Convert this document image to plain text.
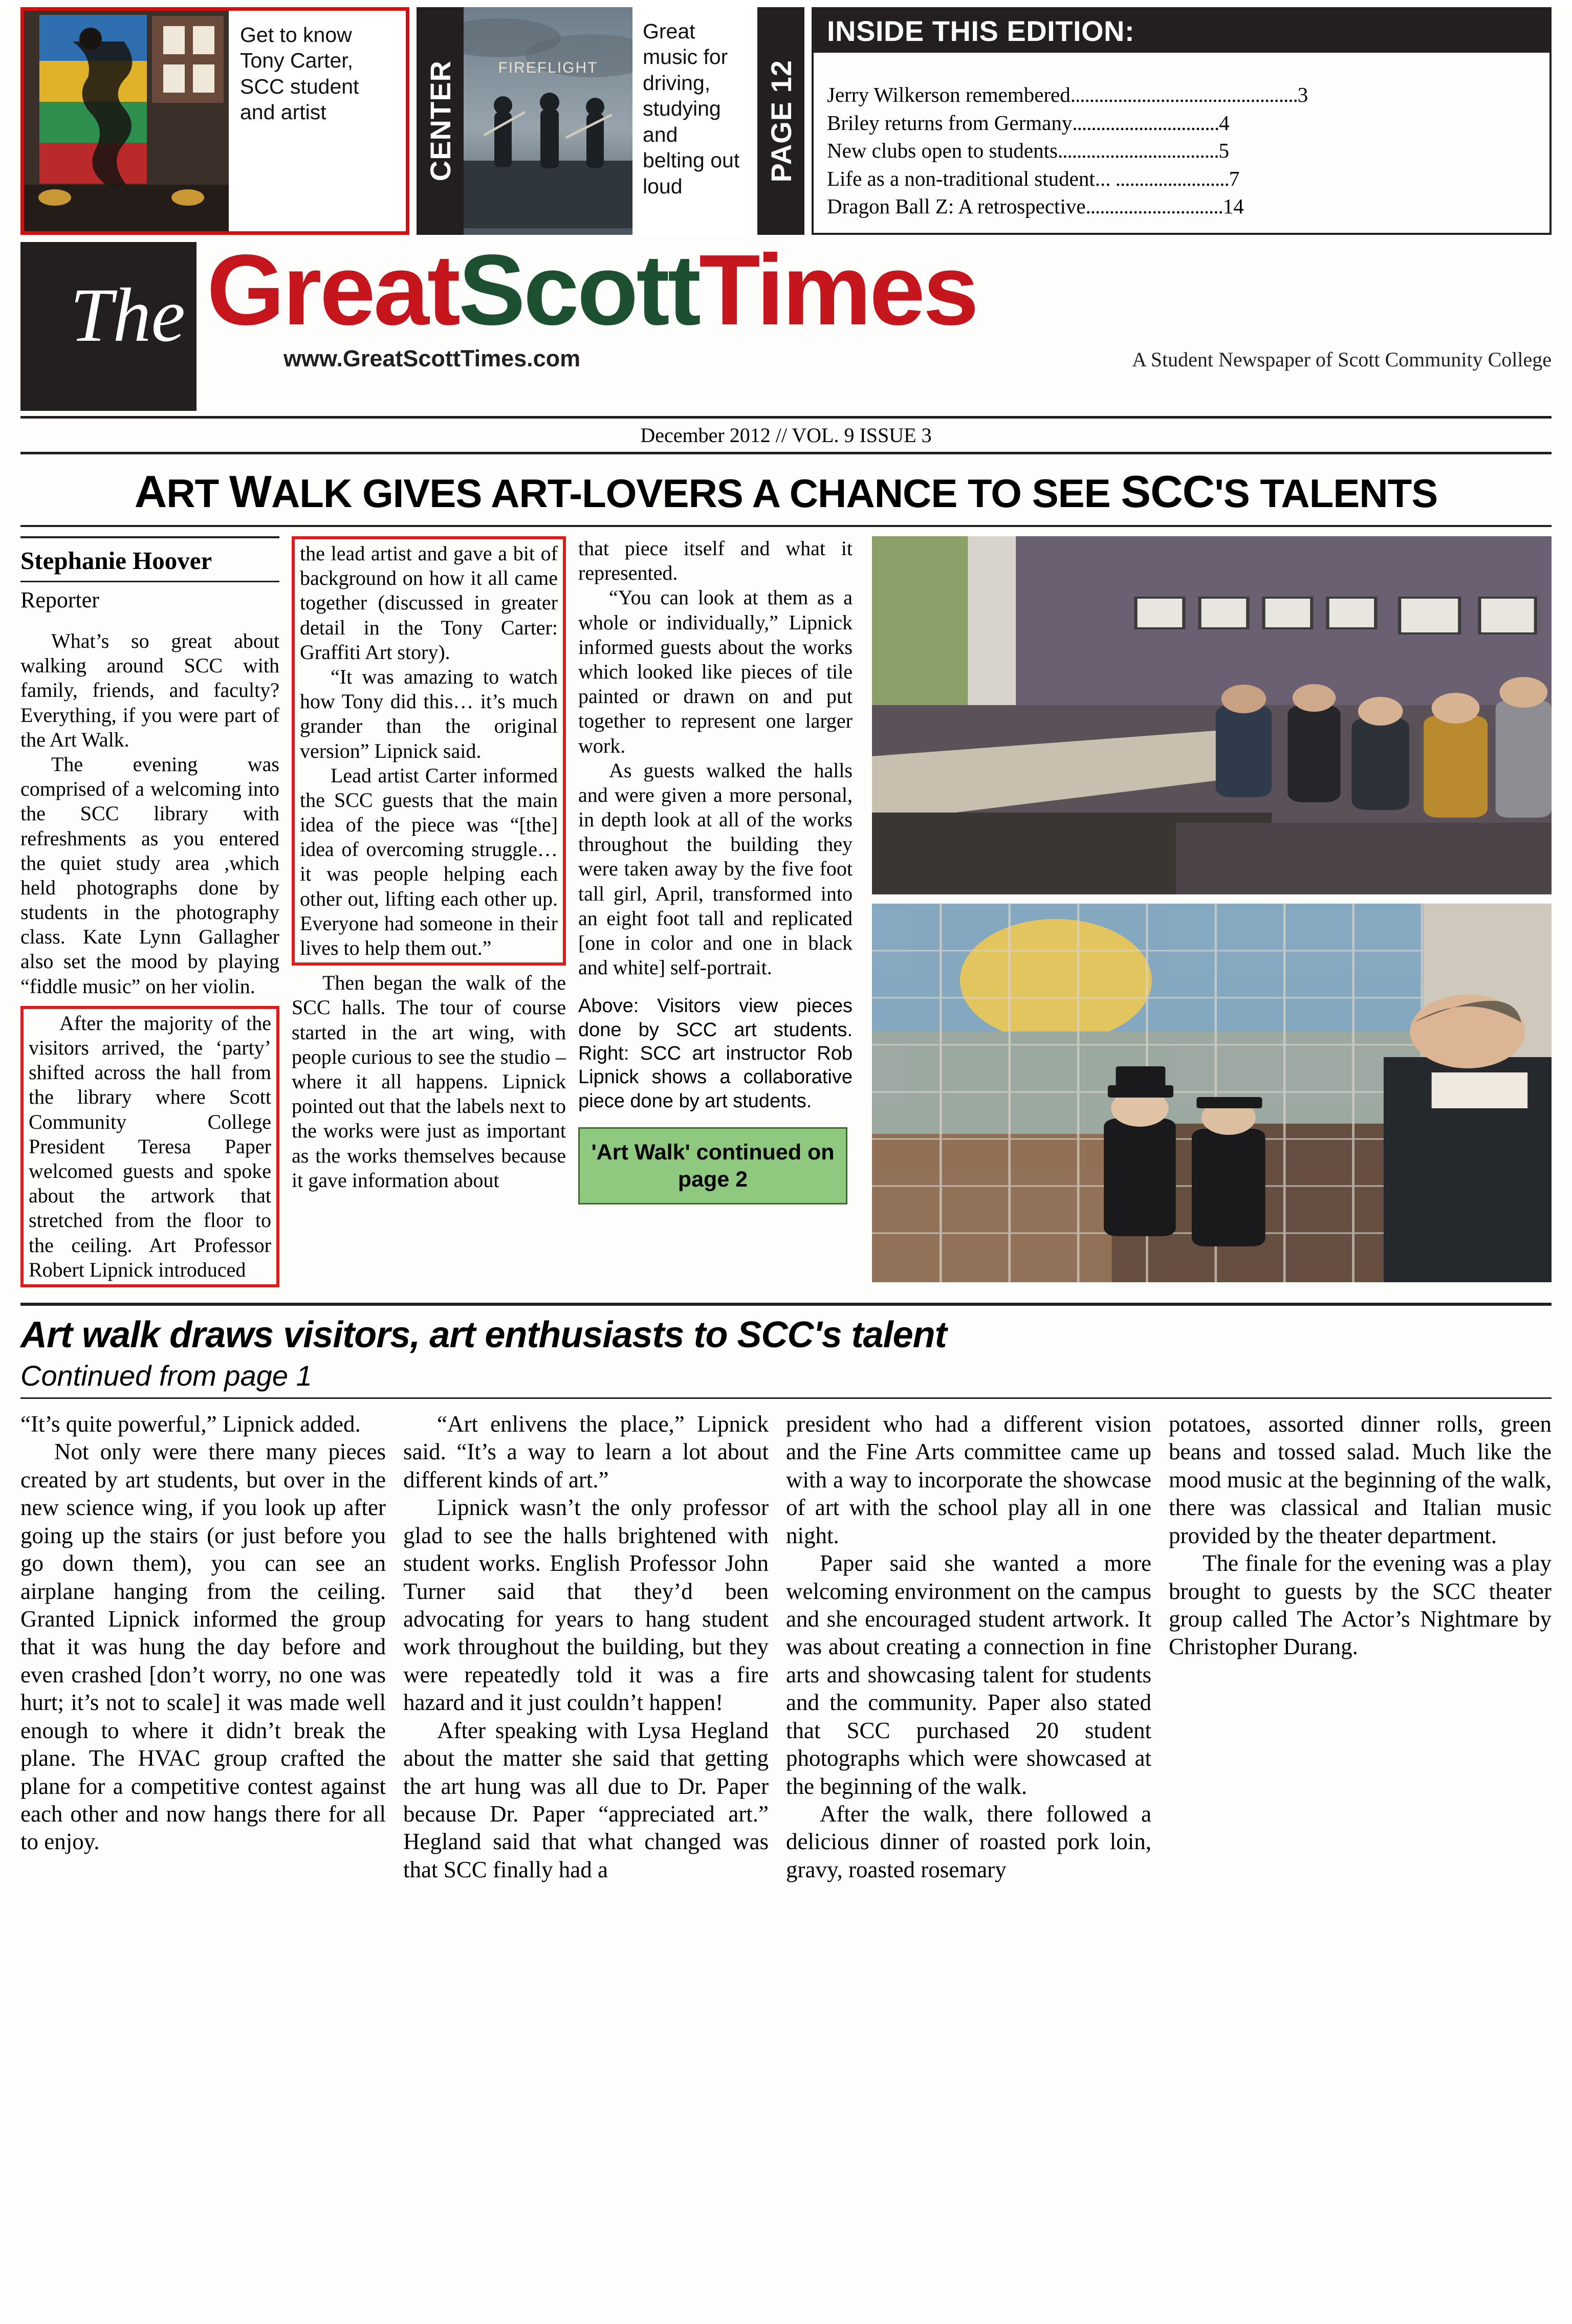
Get to know Tony Carter, SCC student and artist	CENTER	FIREFLIGHT
Great music for driving, studying and belting out loud
PAGE 12
INSIDE THIS EDITION:
Jerry Wilkerson remembered................................................3
Briley returns from Germany...............................4
New clubs open to students..................................5
Life as a non-traditional student... ........................7
Dragon Ball Z: A retrospective.............................14
The GreatScottTimes
www.GreatScottTimes.com	A Student Newspaper of Scott Community College
December 2012 // VOL. 9 ISSUE 3
ART WALK GIVES ART-LOVERS A CHANCE TO SEE SCC'S TALENTS
Stephanie Hoover
Reporter

What’s so great about walking around SCC with family, friends, and faculty? Everything, if you were part of the Art Walk.

The evening was comprised of a welcoming into the SCC library with refreshments as you entered the quiet study area ,which held photographs done by students in the photography class. Kate Lynn Gallagher also set the mood by playing “fiddle music” on her violin.

After the majority of the visitors arrived, the ‘party’ shifted across the hall from the library where Scott Community College President Teresa Paper welcomed guests and spoke about the artwork that stretched from the floor to the ceiling. Art Professor Robert Lipnick introduced

the lead artist and gave a bit of background on how it all came together (discussed in greater detail in the Tony Carter: Graffiti Art story).

“It was amazing to watch how Tony did this… it’s much grander than the original version” Lipnick said.

Lead artist Carter informed the SCC guests that the main idea of the piece was “[the] idea of overcoming struggle…it was people helping each other out, lifting each other up. Everyone had someone in their lives to help them out.”

Then began the walk of the SCC halls. The tour of course started in the art wing, with people curious to see the studio –where it all happens. Lipnick pointed out that the labels next to the works were just as important as the works themselves because it gave information about

that piece itself and what it represented.

“You can look at them as a whole or individually,” Lipnick informed guests about the works which looked like pieces of tile painted or drawn on and put together to represent one larger work.

As guests walked the halls and were given a more personal, in depth look at all of the works throughout the building they were taken away by the five foot tall girl, April, transformed into an eight foot tall and replicated [one in color and one in black and white] self-portrait.

Above: Visitors view pieces done by SCC art students. Right: SCC art instructor Rob Lipnick shows a collaborative piece done by art students.
'Art Walk' continued on page 2
Art walk draws visitors, art enthusiasts to SCC's talent
Continued from page 1

“It’s quite powerful,” Lipnick added.

Not only were there many pieces created by art students, but over in the new science wing, if you look up after going up the stairs (or just before you go down them), you can see an airplane hanging from the ceiling. Granted Lipnick informed the group that it was hung the day before and even crashed [don’t worry, no one was hurt; it’s not to scale] it was made well enough to where it didn’t break the plane. The HVAC group crafted the plane for a competitive contest against each other and now hangs there for all to enjoy.

“Art enlivens the place,” Lipnick said. “It’s a way to learn a lot about different kinds of art.”

Lipnick wasn’t the only professor glad to see the halls brightened with student works. English Professor John Turner said that they’d been advocating for years to hang student work throughout the building, but they were repeatedly told it was a fire hazard and it just couldn’t happen!

After speaking with Lysa Hegland about the matter she said that getting the art hung was all due to Dr. Paper because Dr. Paper “appreciated art.” Hegland said that what changed was that SCC finally had a

president who had a different vision and the Fine Arts committee came up with a way to incorporate the showcase of art with the school play all in one night.

Paper said she wanted a more welcoming environment on the campus and she encouraged student artwork. It was about creating a connection in fine arts and showcasing talent for students and the community. Paper also stated that SCC purchased 20 student photographs which were showcased at the beginning of the walk.

After the walk, there followed a delicious dinner of roasted pork loin, gravy, roasted rosemary

potatoes, assorted dinner rolls, green beans and tossed salad. Much like the mood music at the beginning of the walk, there was classical and Italian music provided by the theater department.

The finale for the evening was a play brought to guests by the SCC theater group called The Actor’s Nightmare by Christopher Durang.
